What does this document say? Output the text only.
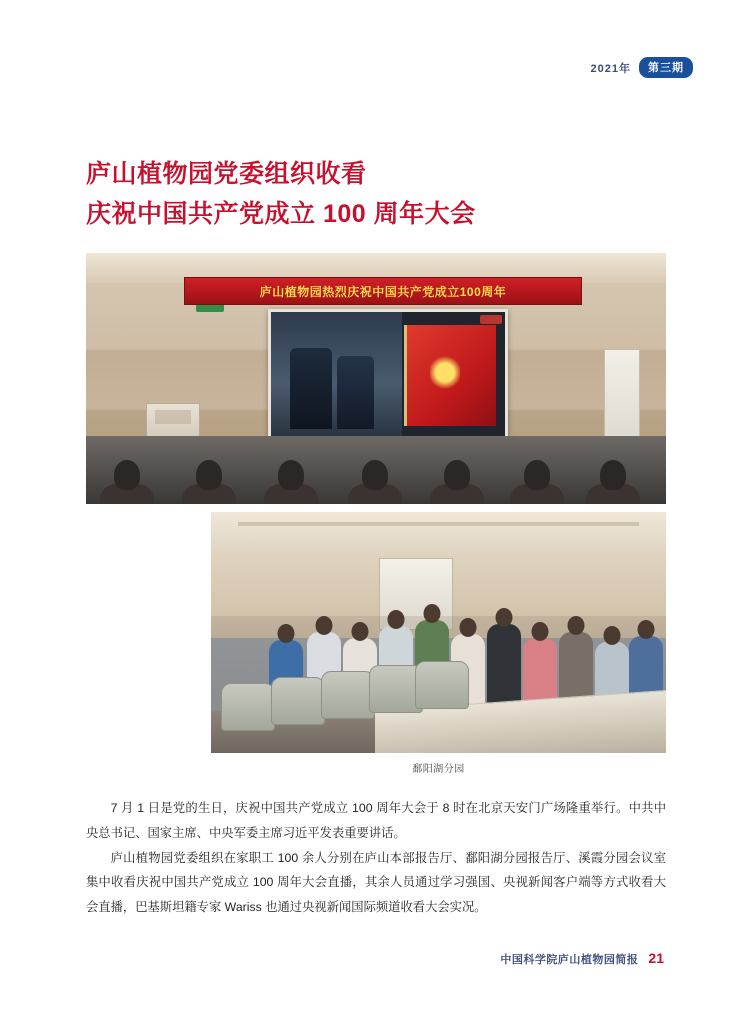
2021年	第三期
庐山植物园党委组织收看
庆祝中国共产党成立 100 周年大会
庐山植物园热烈庆祝中国共产党成立100周年
鄱阳湖分园

7 月 1 日是党的生日，庆祝中国共产党成立 100 周年大会于 8 时在北京天安门广场隆重举行。中共中央总书记、国家主席、中央军委主席习近平发表重要讲话。

庐山植物园党委组织在家职工 100 余人分别在庐山本部报告厅、鄱阳湖分园报告厅、溪霞分园会议室集中收看庆祝中国共产党成立 100 周年大会直播，其余人员通过学习强国、央视新闻客户端等方式收看大会直播，巴基斯坦籍专家 Wariss 也通过央视新闻国际频道收看大会实况。

中国科学院庐山植物园简报 21
